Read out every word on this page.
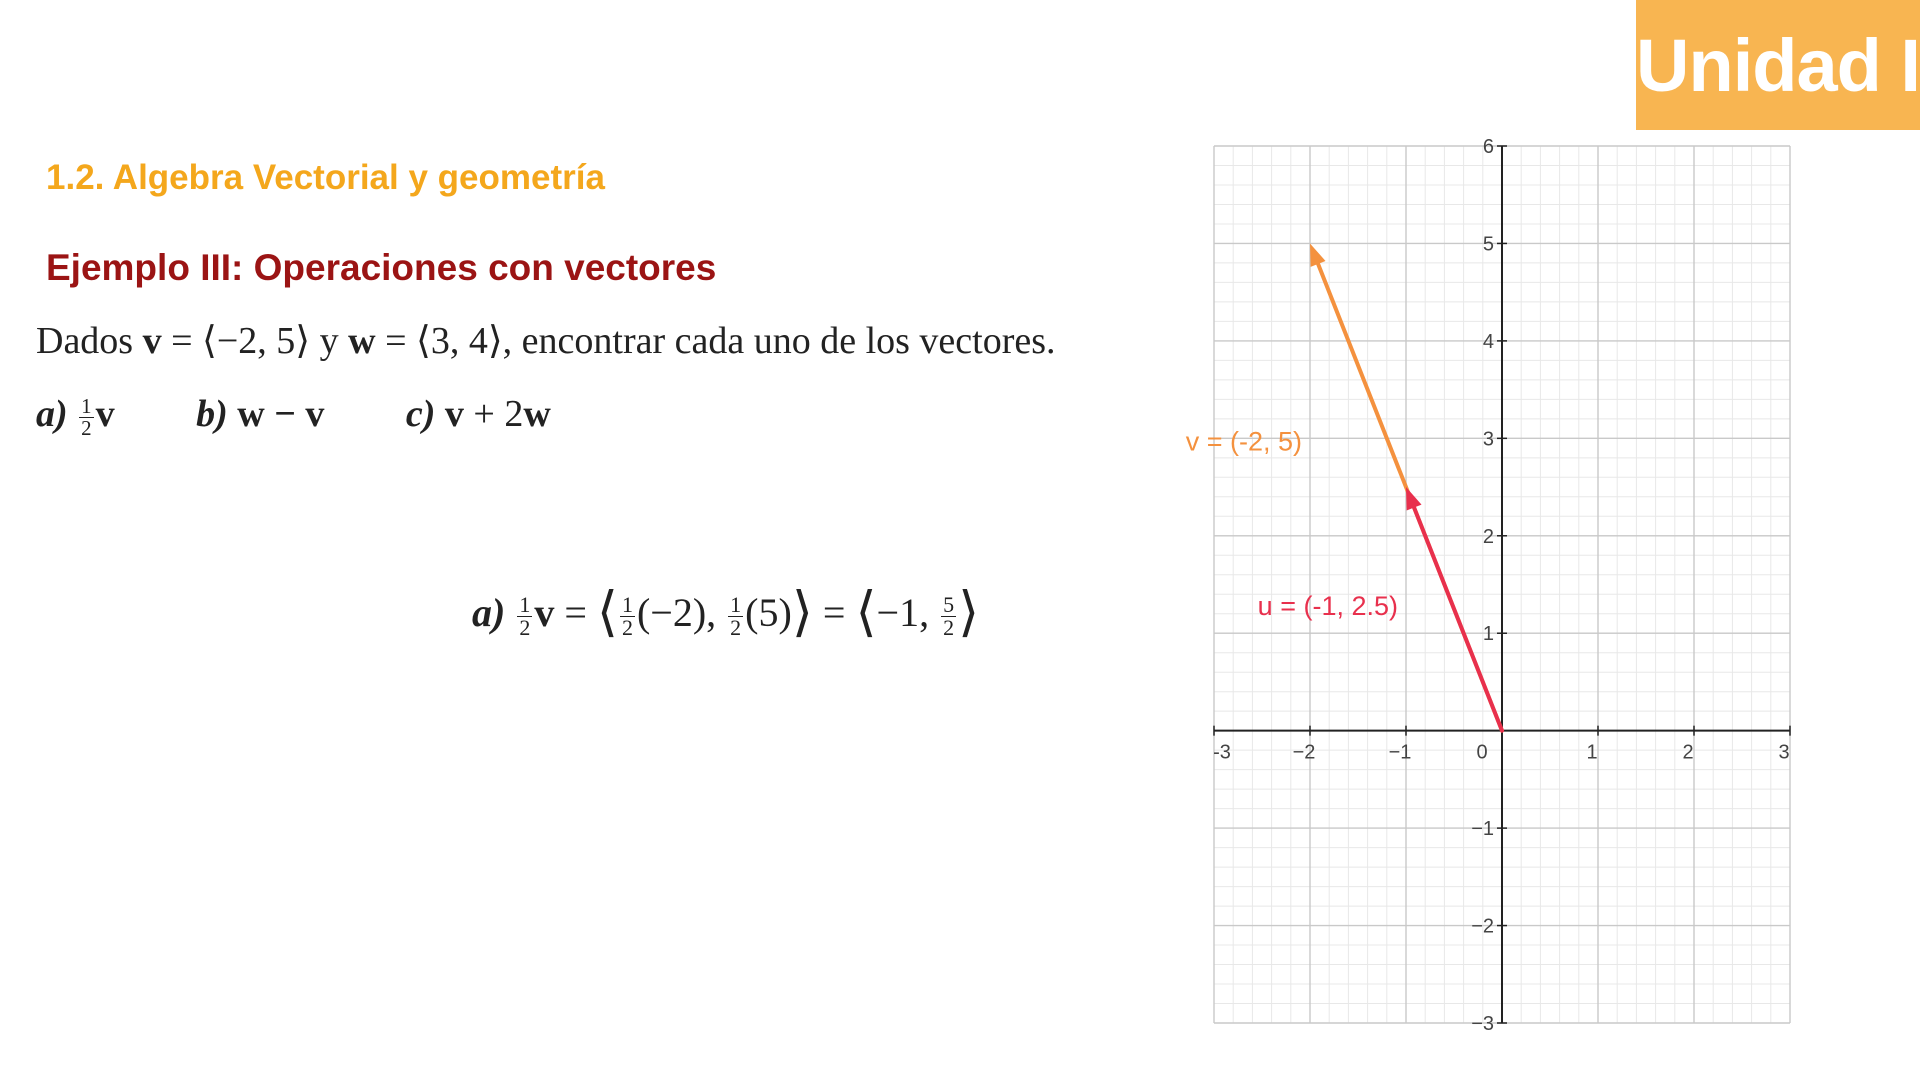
Unidad I
1.2. Algebra Vectorial y geometría
Ejemplo III: Operaciones con vectores
Dados v = ⟨−2, 5⟩ y w = ⟨3, 4⟩, encontrar cada uno de los vectores.
$a) \frac{1}{2}$ v b) w − v c) v + 2w
$a) \frac{1}{2}$ v = ⟨ $\frac{1}{2} (-2)$, $\frac{1}{2}$ (5)⟩ = ⟨−1, $\frac{5}{2}$ ⟩
-3	−2	−1	0	1	2	3
−3
−2
−1
1
2
3
4
5
6
v = (-2, 5)
u = (-1, 2.5)
